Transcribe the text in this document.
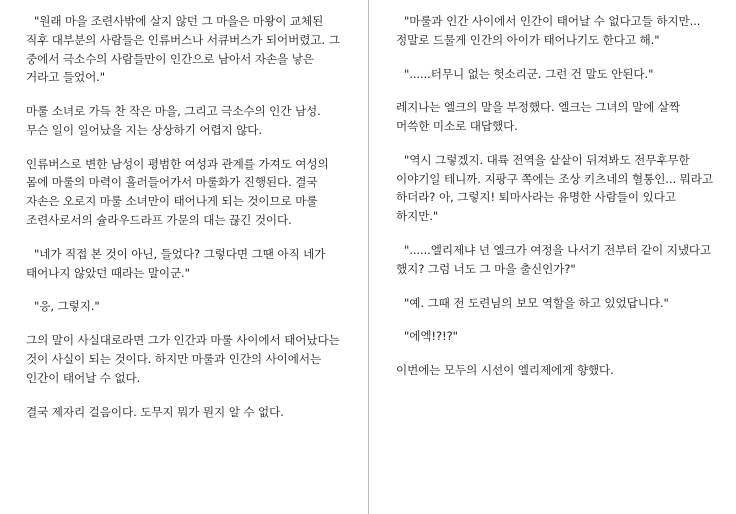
"원래 마을 조련사밖에 살지 않던 그 마을은 마왕이 교체된 직후 대부분의 사람들은 인류버스나 서큐버스가 되어버렸고. 그 중에서 극소수의 사람들만이 인간으로 남아서 자손을 낳은 거라고 들었어."

마룰 소녀로 가득 찬 작은 마을, 그리고 극소수의 인간 남성. 무슨 일이 일어났을 지는 상상하기 어렵지 않다.

인류버스로 변한 남성이 평범한 여성과 관계를 가져도 여성의 몸에 마룰의 마력이 흘러들어가서 마룰화가 진행된다. 결국 자손은 오로지 마룰 소녀만이 태어나게 되는 것이므로 마룰 조련사로서의 슐라우드라프 가문의 대는 끊긴 것이다.

"네가 직접 본 것이 아닌, 들었다? 그렇다면 그땐 아직 네가 태어나지 않았던 때라는 말이군."

"응, 그렇지."

그의 말이 사실대로라면 그가 인간과 마룰 사이에서 태어났다는 것이 사실이 되는 것이다. 하지만 마룰과 인간의 사이에서는 인간이 태어날 수 없다.

결국 제자리 걸음이다. 도무지 뭐가 뭔지 알 수 없다.

"마룰과 인간 사이에서 인간이 태어날 수 없다고들 하지만... 정말로 드물게 인간의 아이가 태어나기도 한다고 해."

"......터무니 없는 헛소리군. 그런 건 말도 안된다."

레지나는 엘크의 말을 부정했다. 엘크는 그녀의 말에 살짝 머쓱한 미소로 대답했다.

"역시 그렇겠지. 대륙 전역을 샅샅이 뒤져봐도 전무후무한 이야기일 테니까. 지팡구 쪽에는 조상 키츠네의 혈통인... 뭐라고 하더라? 아, 그렇지! 퇴마사라는 유명한 사람들이 있다고 하지만."

"......엘리제냐 넌 엘크가 여정을 나서기 전부터 같이 지냈다고 했지? 그럼 너도 그 마을 출신인가?"

"예. 그때 전 도련님의 보모 역할을 하고 있었답니다."

"에엑!?!?"

이번에는 모두의 시선이 엘리제에게 향했다.
